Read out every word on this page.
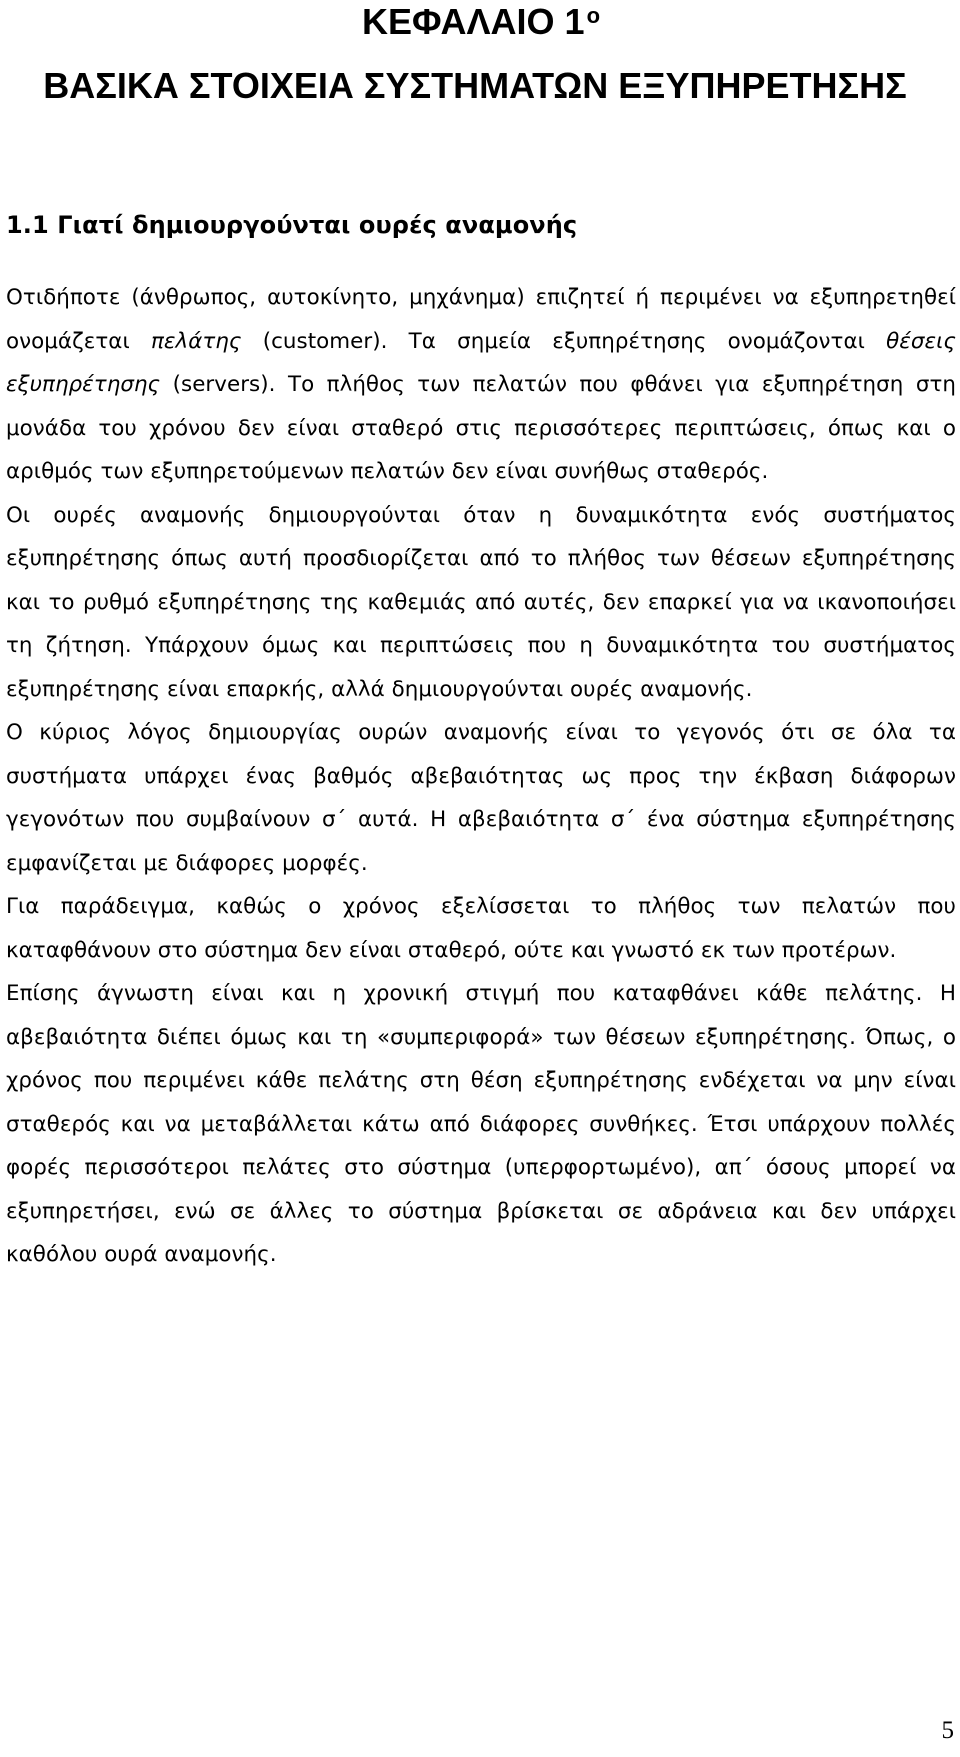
ΚΕΦΑΛΑΙΟ $1^o$
ΒΑΣΙΚΑ ΣΤΟΙΧΕΙΑ ΣΥΣΤΗΜΑΤΩΝ ΕΞΥΠΗΡΕΤΗΣΗΣ
1.1 Γιατί δημιουργούνται ουρές αναμονής

Οτιδήποτε (άνθρωπος, αυτοκίνητο, μηχάνημα) επιζητεί ή περιμένει να εξυπηρετηθεί ονομάζεται πελάτης (customer). Τα σημεία εξυπηρέτησης ονομάζονται θέσεις εξυπηρέτησης (servers). Το πλήθος των πελατών που φθάνει για εξυπηρέτηση στη μονάδα του χρόνου δεν είναι σταθερό στις περισσότερες περιπτώσεις, όπως και ο αριθμός των εξυπηρετούμενων πελατών δεν είναι συνήθως σταθερός.

Οι ουρές αναμονής δημιουργούνται όταν η δυναμικότητα ενός συστήματος εξυπηρέτησης όπως αυτή προσδιορίζεται από το πλήθος των θέσεων εξυπηρέτησης και το ρυθμό εξυπηρέτησης της καθεμιάς από αυτές, δεν επαρκεί για να ικανοποιήσει τη ζήτηση. Υπάρχουν όμως και περιπτώσεις που η δυναμικότητα του συστήματος εξυπηρέτησης είναι επαρκής, αλλά δημιουργούνται ουρές αναμονής.

Ο κύριος λόγος δημιουργίας ουρών αναμονής είναι το γεγονός ότι σε όλα τα συστήματα υπάρχει ένας βαθμός αβεβαιότητας ως προς την έκβαση διάφορων γεγονότων που συμβαίνουν σ΄ αυτά. Η αβεβαιότητα σ΄ ένα σύστημα εξυπηρέτησης εμφανίζεται με διάφορες μορφές.

Για παράδειγμα, καθώς ο χρόνος εξελίσσεται το πλήθος των πελατών που καταφθάνουν στο σύστημα δεν είναι σταθερό, ούτε και γνωστό εκ των προτέρων.

Επίσης άγνωστη είναι και η χρονική στιγμή που καταφθάνει κάθε πελάτης. Η αβεβαιότητα διέπει όμως και τη «συμπεριφορά» των θέσεων εξυπηρέτησης. Όπως, ο χρόνος που περιμένει κάθε πελάτης στη θέση εξυπηρέτησης ενδέχεται να μην είναι σταθερός και να μεταβάλλεται κάτω από διάφορες συνθήκες. Έτσι υπάρχουν πολλές φορές περισσότεροι πελάτες στο σύστημα (υπερφορτωμένο), απ΄ όσους μπορεί να εξυπηρετήσει, ενώ σε άλλες το σύστημα βρίσκεται σε αδράνεια και δεν υπάρχει καθόλου ουρά αναμονής.

5
